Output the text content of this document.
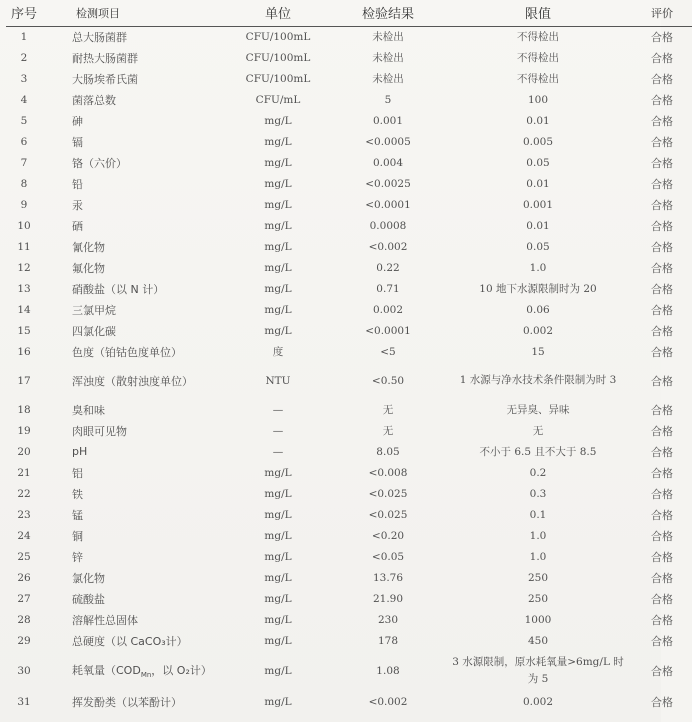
序号	检测项目	单位	检验结果	限值	评价
1	总大肠菌群	CFU/100mL	未检出	不得检出	合格
2	耐热大肠菌群	CFU/100mL	未检出	不得检出	合格
3	大肠埃希氏菌	CFU/100mL	未检出	不得检出	合格
4	菌落总数	CFU/mL	5	100	合格
5	砷	mg/L	0.001	0.01	合格
6	镉	mg/L	<0.0005	0.005	合格
7	铬（六价）	mg/L	0.004	0.05	合格
8	铅	mg/L	<0.0025	0.01	合格
9	汞	mg/L	<0.0001	0.001	合格
10	硒	mg/L	0.0008	0.01	合格
11	氰化物	mg/L	<0.002	0.05	合格
12	氟化物	mg/L	0.22	1.0	合格
13	硝酸盐（以 N 计）	mg/L	0.71	10 地下水源限制时为 20	合格
14	三氯甲烷	mg/L	0.002	0.06	合格
15	四氯化碳	mg/L	<0.0001	0.002	合格
16	色度（铂钴色度单位）	度	<5	15	合格
17	浑浊度（散射浊度单位）	NTU	<0.50	1 水源与净水技术条件限制为时 3	合格
18	臭和味	—	无	无异臭、异味	合格
19	肉眼可见物	—	无	无	合格
20	pH	—	8.05	不小于 6.5 且不大于 8.5	合格
21	铝	mg/L	<0.008	0.2	合格
22	铁	mg/L	<0.025	0.3	合格
23	锰	mg/L	<0.025	0.1	合格
24	铜	mg/L	<0.20	1.0	合格
25	锌	mg/L	<0.05	1.0	合格
26	氯化物	mg/L	13.76	250	合格
27	硫酸盐	mg/L	21.90	250	合格
28	溶解性总固体	mg/L	230	1000	合格
29	总硬度（以 CaCO₃计）	mg/L	178	450	合格
30	耗氧量（$COD_{Mn}$，以 O₂计）	mg/L	1.08	3 水源限制，原水耗氧量>6mg/L 时为 5	合格
31	挥发酚类（以苯酚计）	mg/L	<0.002	0.002	合格
